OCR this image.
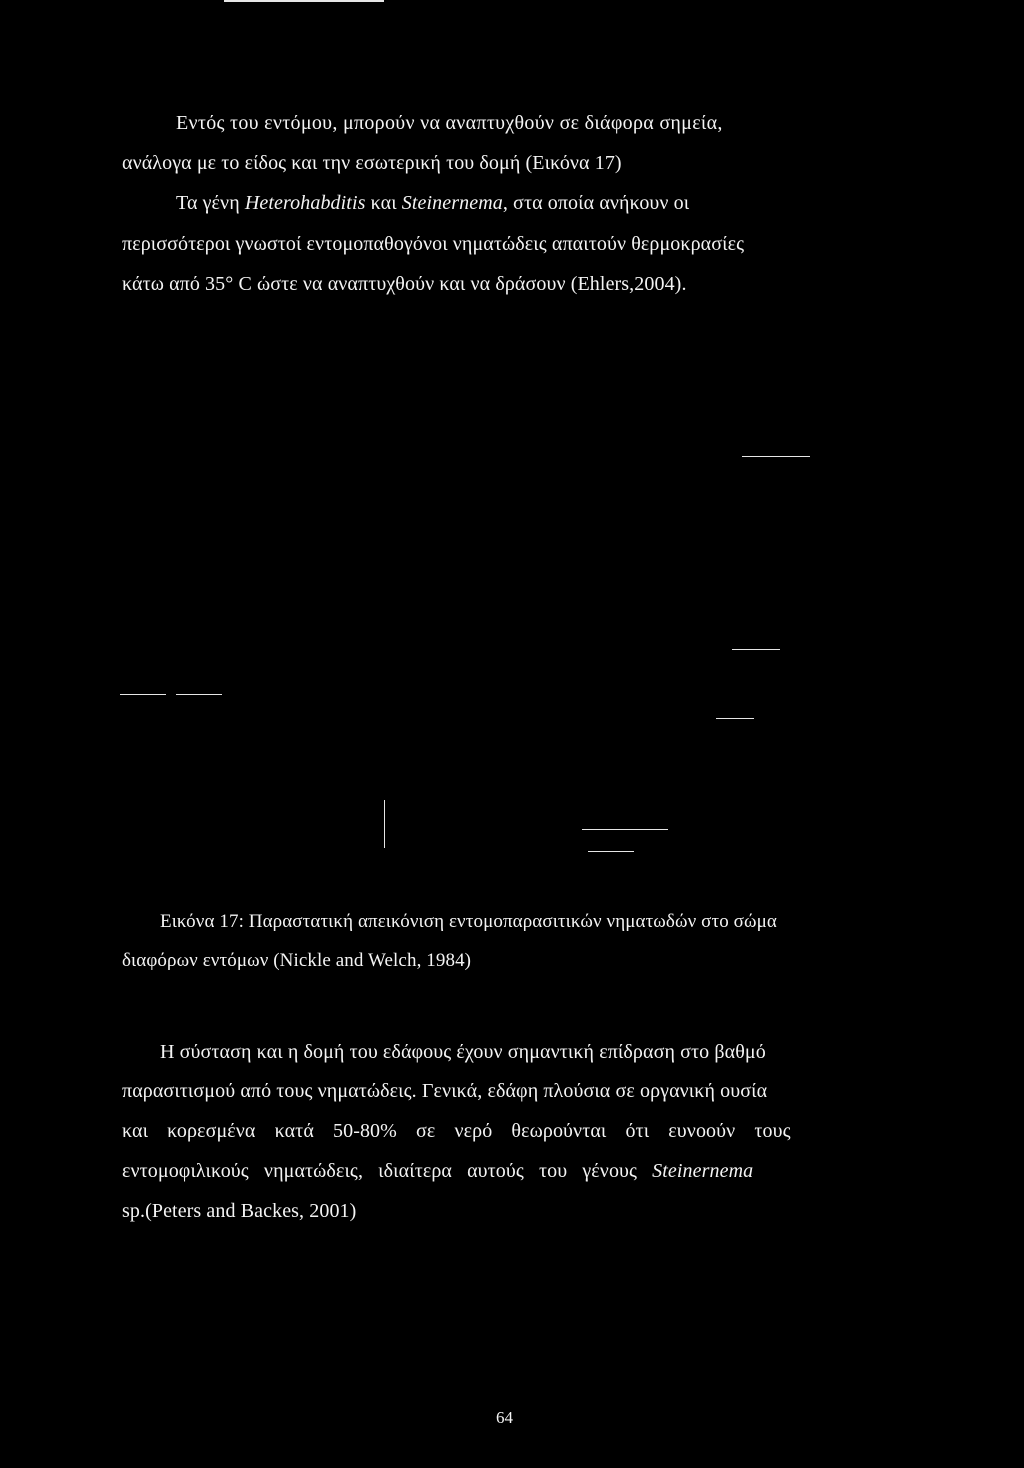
Εντός του εντόμου, μπορούν να αναπτυχθούν σε διάφορα σημεία,
ανάλογα με το είδος και την εσωτερική του δομή (Εικόνα 17)
Τα γένη Heterohabditis και Steinernema, στα οποία ανήκουν οι
περισσότεροι γνωστοί εντομοπαθογόνοι νηματώδεις απαιτούν θερμοκρασίες
κάτω από 35° C ώστε να αναπτυχθούν και να δράσουν (Ehlers,2004).
Εικόνα 17: Παραστατική απεικόνιση εντομοπαρασιτικών νηματωδών στο σώμα
διαφόρων εντόμων (Nickle and Welch, 1984)
Η σύσταση και η δομή του εδάφους έχουν σημαντική επίδραση στο βαθμό
παρασιτισμού από τους νηματώδεις. Γενικά, εδάφη πλούσια σε οργανική ουσία
και κορεσμένα κατά 50-80% σε νερό θεωρούνται ότι ευνοούν τους
εντομοφιλικούς νηματώδεις, ιδιαίτερα αυτούς του γένους Steinernema
sp.(Peters and Backes, 2001)
64
